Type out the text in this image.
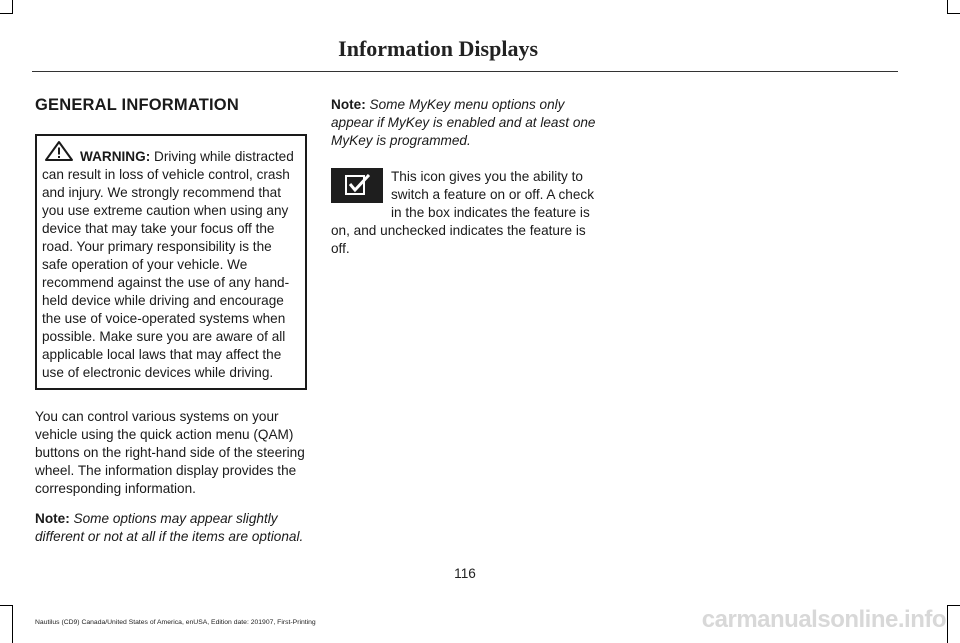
Information Displays
GENERAL INFORMATION

WARNING: Driving while distracted can result in loss of vehicle control, crash and injury. We strongly recommend that you use extreme caution when using any device that may take your focus off the road. Your primary responsibility is the safe operation of your vehicle. We recommend against the use of any hand-held device while driving and encourage the use of voice-operated systems when possible. Make sure you are aware of all applicable local laws that may affect the use of electronic devices while driving.

You can control various systems on your vehicle using the quick action menu (QAM) buttons on the right-hand side of the steering wheel. The information display provides the corresponding information.

Note: Some options may appear slightly different or not at all if the items are optional.

Note: Some MyKey menu options only appear if MyKey is enabled and at least one MyKey is programmed.

This icon gives you the ability to switch a feature on or off. A check in the box indicates the feature is on, and unchecked indicates the feature is off.

116
Nautilus (CD9) Canada/United States of America, enUSA, Edition date: 201907, First-Printing	carmanualsonline.info
